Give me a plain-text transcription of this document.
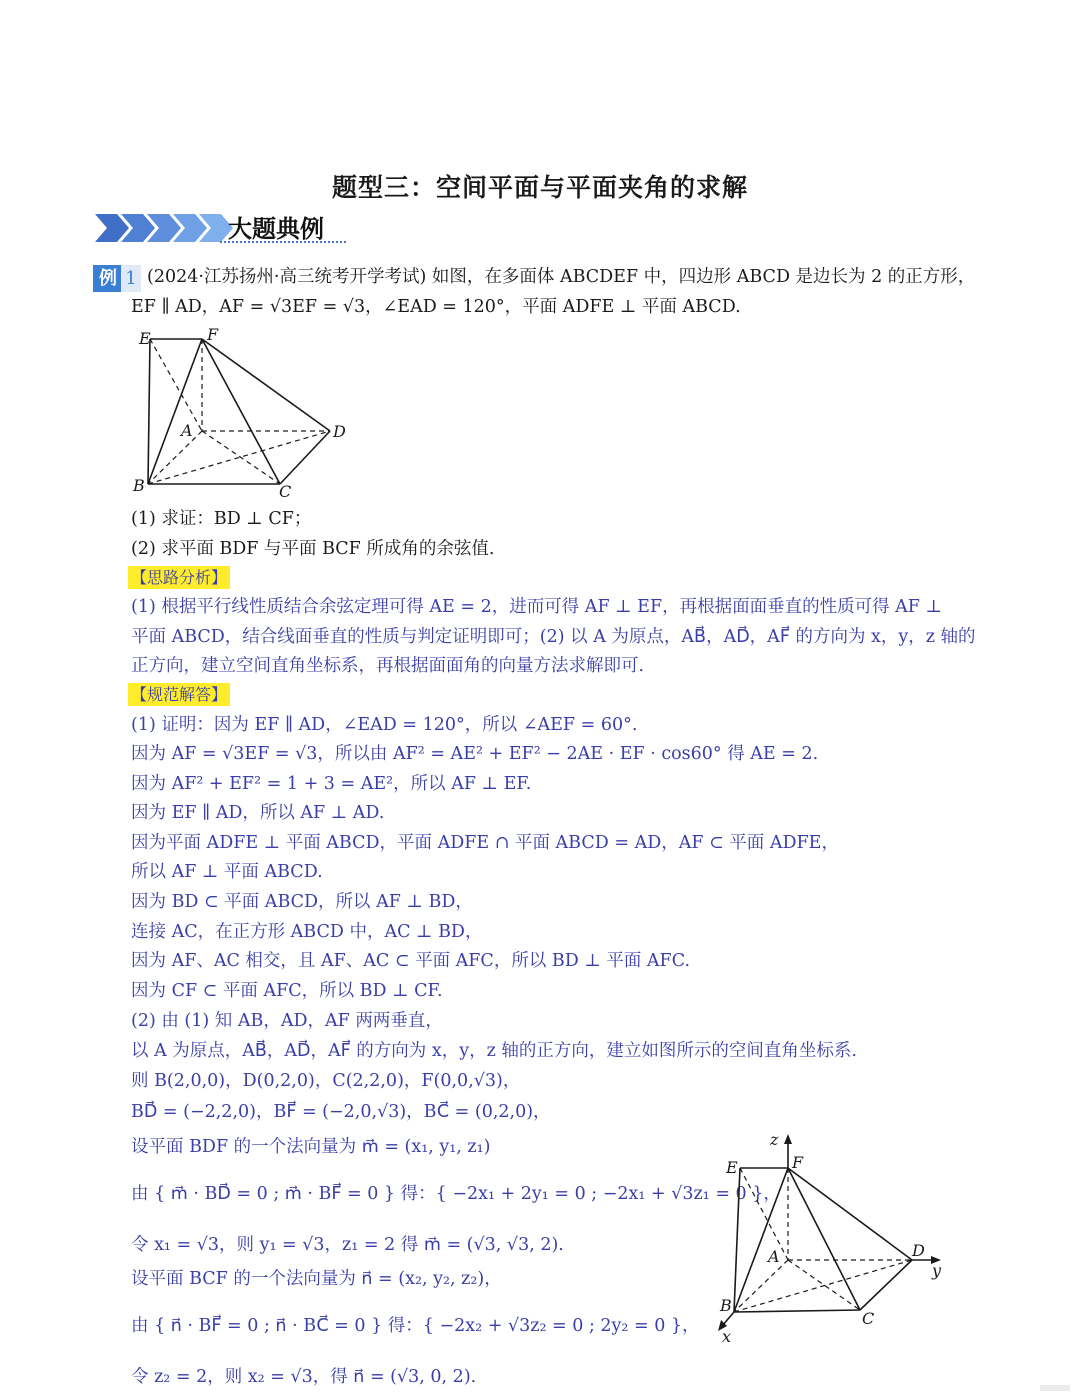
题型三：空间平面与平面夹角的求解
大题典例
例 1 (2024·江苏扬州·高三统考开学考试) 如图，在多面体 ABCDEF 中，四边形 ABCD 是边长为 2 的正方形，
EF ∥ AD，AF = √3EF = √3，∠EAD = 120°，平面 ADFE ⊥ 平面 ABCD.
E	F
A	D
B	C
(1) 求证：BD ⊥ CF；
(2) 求平面 BDF 与平面 BCF 所成角的余弦值.
【思路分析】
(1) 根据平行线性质结合余弦定理可得 AE = 2，进而可得 AF ⊥ EF，再根据面面垂直的性质可得 AF ⊥
平面 ABCD，结合线面垂直的性质与判定证明即可；(2) 以 A 为原点，AB⃗，AD⃗，AF⃗ 的方向为 x，y，z 轴的
正方向，建立空间直角坐标系，再根据面面角的向量方法求解即可.
【规范解答】
(1) 证明：因为 EF ∥ AD，∠EAD = 120°，所以 ∠AEF = 60°.
因为 AF = √3EF = √3，所以由 AF² = AE² + EF² − 2AE · EF · cos60° 得 AE = 2.
因为 AF² + EF² = 1 + 3 = AE²，所以 AF ⊥ EF.
因为 EF ∥ AD，所以 AF ⊥ AD.
因为平面 ADFE ⊥ 平面 ABCD，平面 ADFE ∩ 平面 ABCD = AD，AF ⊂ 平面 ADFE，
所以 AF ⊥ 平面 ABCD.
因为 BD ⊂ 平面 ABCD，所以 AF ⊥ BD，
连接 AC，在正方形 ABCD 中，AC ⊥ BD，
因为 AF、AC 相交，且 AF、AC ⊂ 平面 AFC，所以 BD ⊥ 平面 AFC.
因为 CF ⊂ 平面 AFC，所以 BD ⊥ CF.
(2) 由 (1) 知 AB，AD，AF 两两垂直，
以 A 为原点，AB⃗，AD⃗，AF⃗ 的方向为 x，y，z 轴的正方向，建立如图所示的空间直角坐标系.
则 B(2,0,0)，D(0,2,0)，C(2,2,0)，F(0,0,√3)，
BD⃗ = (−2,2,0)，BF⃗ = (−2,0,√3)，BC⃗ = (0,2,0)，
设平面 BDF 的一个法向量为 m⃗ = (x₁, y₁, z₁)
由 { m⃗ · BD⃗ = 0 ; m⃗ · BF⃗ = 0 } 得：{ −2x₁ + 2y₁ = 0 ; −2x₁ + √3z₁ = 0 }，
令 x₁ = √3，则 y₁ = √3，z₁ = 2 得 m⃗ = (√3, √3, 2).
设平面 BCF 的一个法向量为 n⃗ = (x₂, y₂, z₂)，
由 { n⃗ · BF⃗ = 0 ; n⃗ · BC⃗ = 0 } 得：{ −2x₂ + √3z₂ = 0 ; 2y₂ = 0 }，
令 z₂ = 2，则 x₂ = √3，得 n⃗ = (√3, 0, 2).
z
E	F
A	D
y
B
C
x
